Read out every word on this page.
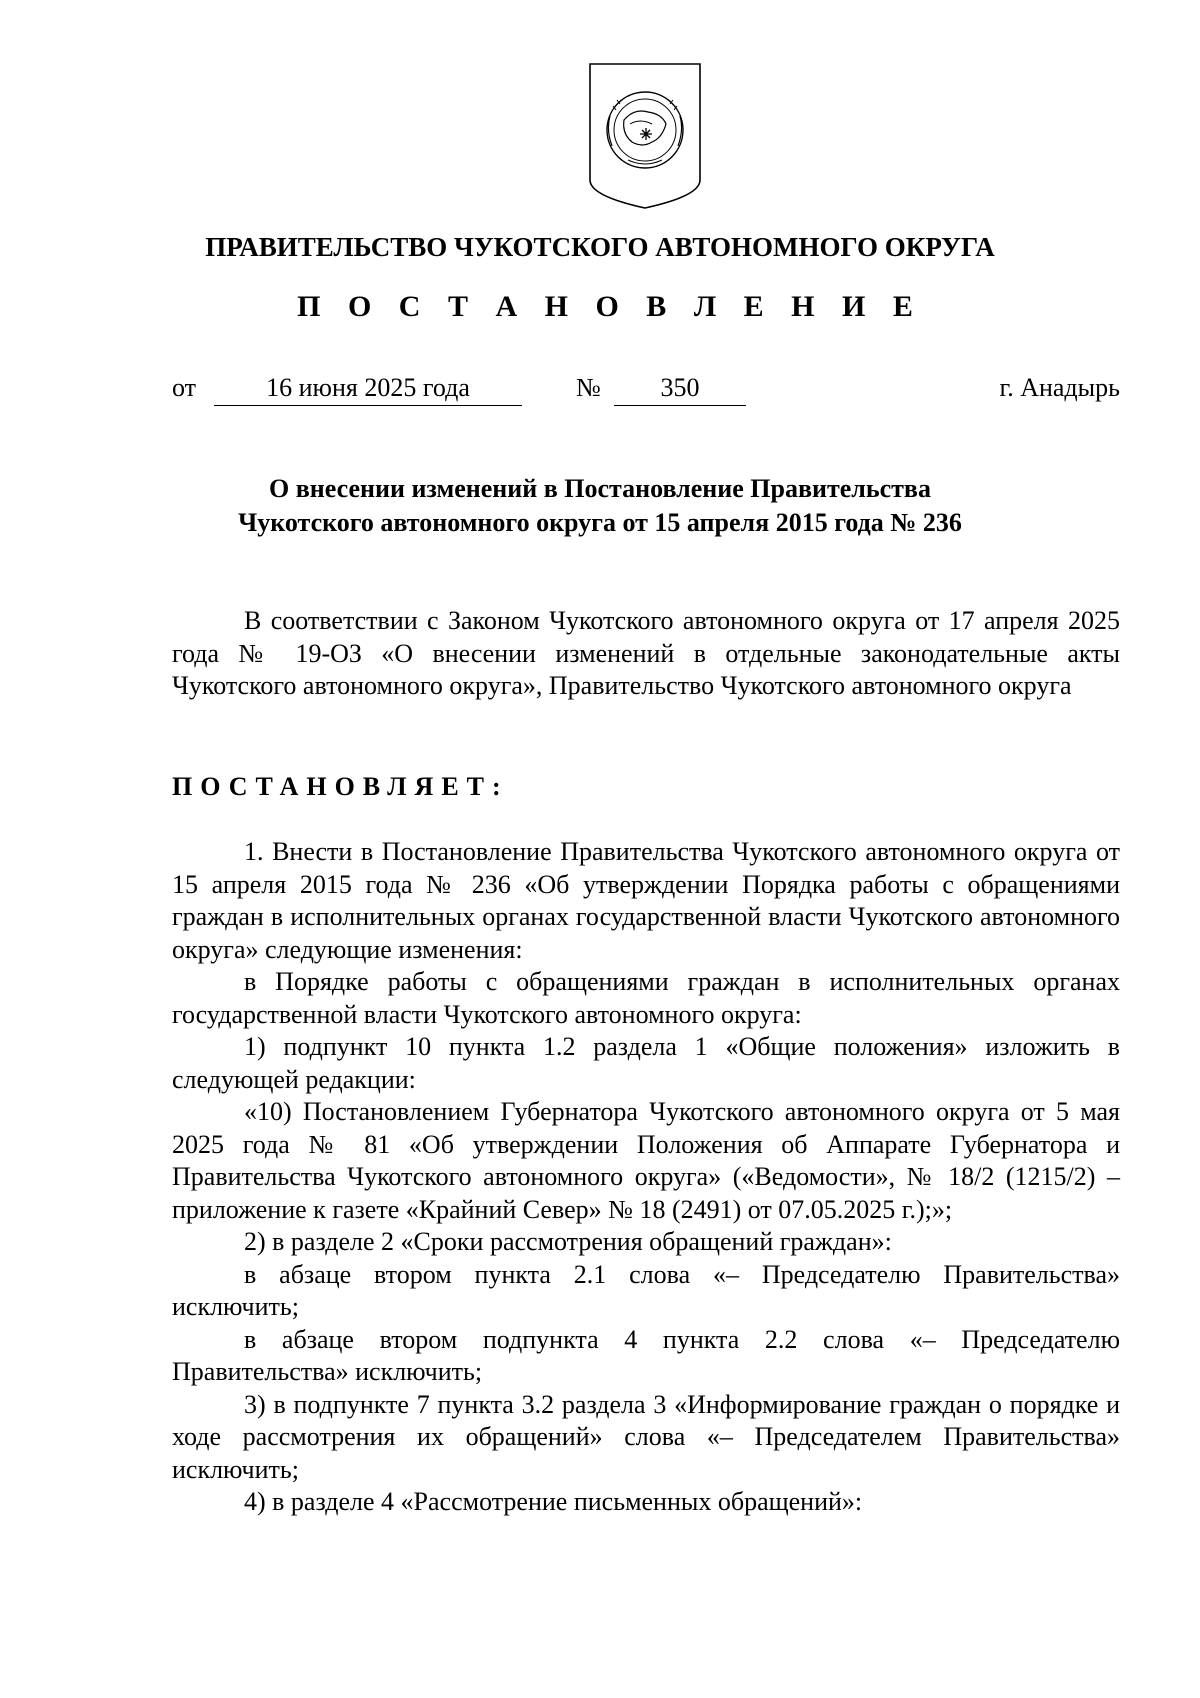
ПРАВИТЕЛЬСТВО ЧУКОТСКОГО АВТОНОМНОГО ОКРУГА
П О С Т А Н О В Л Е Н И Е
от	16 июня 2025 года	№	350	г. Анадырь
О внесении изменений в Постановление Правительства
Чукотского автономного округа от 15 апреля 2015 года № 236

В соответствии с Законом Чукотского автономного округа от 17 апреля 2025 года № 19-ОЗ «О внесении изменений в отдельные законодательные акты Чукотского автономного округа», Правительство Чукотского автономного округа

ПОСТАНОВЛЯЕТ:

1. Внести в Постановление Правительства Чукотского автономного округа от 15 апреля 2015 года № 236 «Об утверждении Порядка работы с обращениями граждан в исполнительных органах государственной власти Чукотского автономного округа» следующие изменения:

в Порядке работы с обращениями граждан в исполнительных органах государственной власти Чукотского автономного округа:

1) подпункт 10 пункта 1.2 раздела 1 «Общие положения» изложить в следующей редакции:

«10) Постановлением Губернатора Чукотского автономного округа от 5 мая 2025 года № 81 «Об утверждении Положения об Аппарате Губернатора и Правительства Чукотского автономного округа» («Ведомости», № 18/2 (1215/2) – приложение к газете «Крайний Север» № 18 (2491) от 07.05.2025 г.);»;

2) в разделе 2 «Сроки рассмотрения обращений граждан»:

в абзаце втором пункта 2.1 слова «– Председателю Правительства» исключить;

в абзаце втором подпункта 4 пункта 2.2 слова «– Председателю Правительства» исключить;

3) в подпункте 7 пункта 3.2 раздела 3 «Информирование граждан о порядке и ходе рассмотрения их обращений» слова «– Председателем Правительства» исключить;

4) в разделе 4 «Рассмотрение письменных обращений»:
